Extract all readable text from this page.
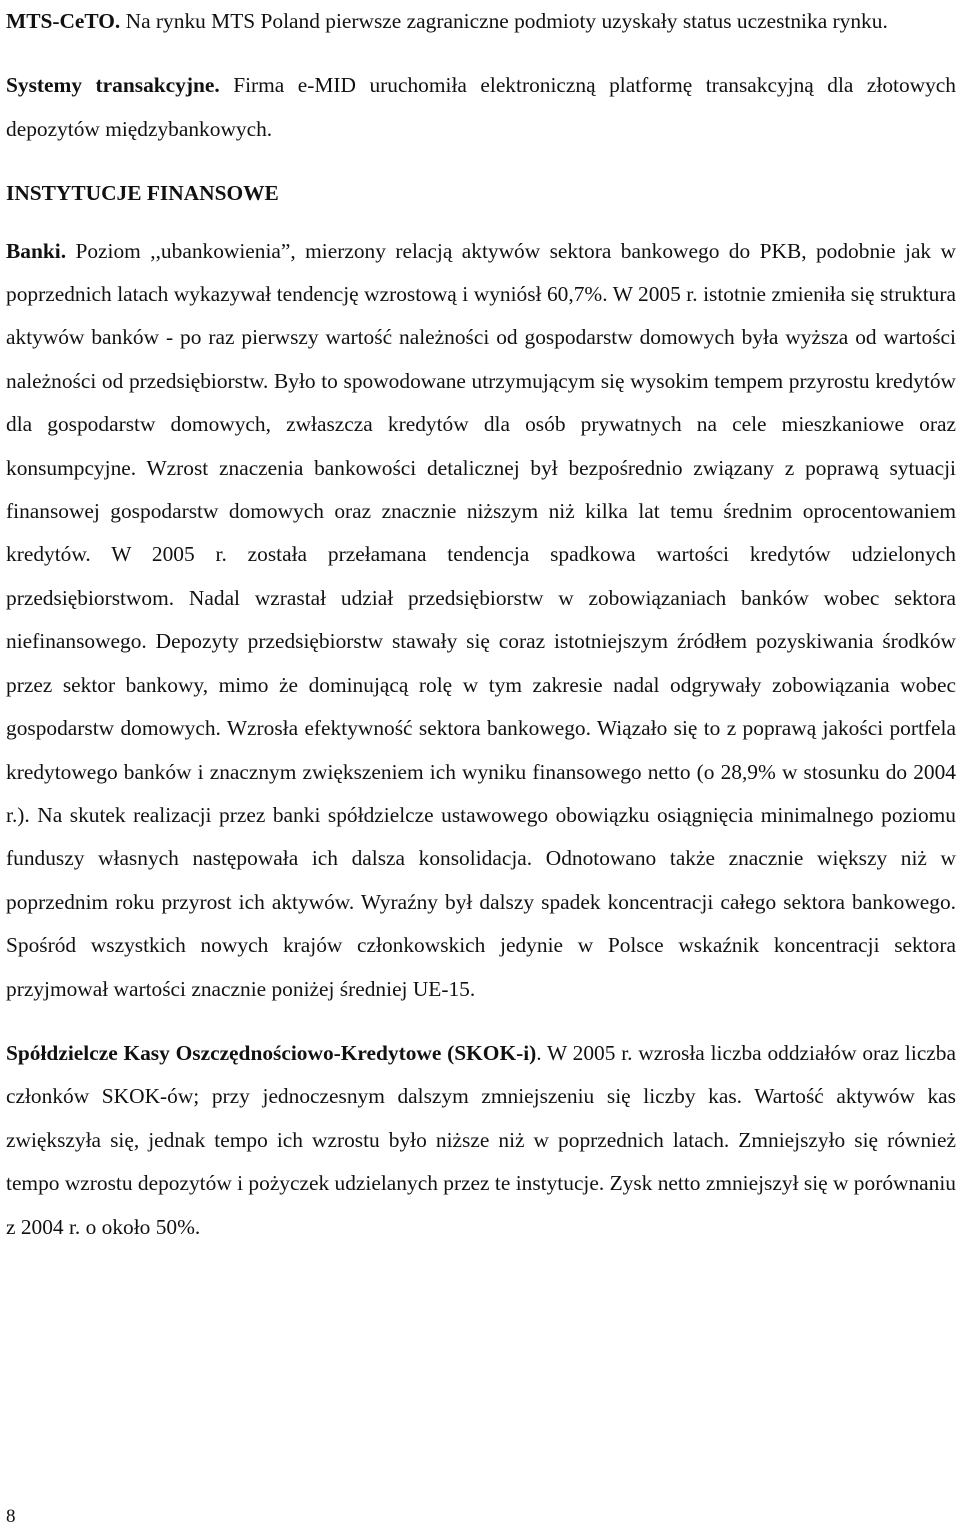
MTS-CeTO. Na rynku MTS Poland pierwsze zagraniczne podmioty uzyskały status uczestnika rynku.

Systemy transakcyjne. Firma e-MID uruchomiła elektroniczną platformę transakcyjną dla złotowych depozytów międzybankowych.

INSTYTUCJE FINANSOWE

Banki. Poziom ,,ubankowienia”, mierzony relacją aktywów sektora bankowego do PKB, podobnie jak w poprzednich latach wykazywał tendencję wzrostową i wyniósł 60,7%. W 2005 r. istotnie zmieniła się struktura aktywów banków - po raz pierwszy wartość należności od gospodarstw domowych była wyższa od wartości należności od przedsiębiorstw. Było to spowodowane utrzymującym się wysokim tempem przyrostu kredytów dla gospodarstw domowych, zwłaszcza kredytów dla osób prywatnych na cele mieszkaniowe oraz konsumpcyjne. Wzrost znaczenia bankowości detalicznej był bezpośrednio związany z poprawą sytuacji finansowej gospodarstw domowych oraz znacznie niższym niż kilka lat temu średnim oprocentowaniem kredytów. W 2005 r. została przełamana tendencja spadkowa wartości kredytów udzielonych przedsiębiorstwom. Nadal wzrastał udział przedsiębiorstw w zobowiązaniach banków wobec sektora niefinansowego. Depozyty przedsiębiorstw stawały się coraz istotniejszym źródłem pozyskiwania środków przez sektor bankowy, mimo że dominującą rolę w tym zakresie nadal odgrywały zobowiązania wobec gospodarstw domowych. Wzrosła efektywność sektora bankowego. Wiązało się to z poprawą jakości portfela kredytowego banków i znacznym zwiększeniem ich wyniku finansowego netto (o 28,9% w stosunku do 2004 r.). Na skutek realizacji przez banki spółdzielcze ustawowego obowiązku osiągnięcia minimalnego poziomu funduszy własnych następowała ich dalsza konsolidacja. Odnotowano także znacznie większy niż w poprzednim roku przyrost ich aktywów. Wyraźny był dalszy spadek koncentracji całego sektora bankowego. Spośród wszystkich nowych krajów członkowskich jedynie w Polsce wskaźnik koncentracji sektora przyjmował wartości znacznie poniżej średniej UE-15.

Spółdzielcze Kasy Oszczędnościowo-Kredytowe (SKOK-i). W 2005 r. wzrosła liczba oddziałów oraz liczba członków SKOK-ów; przy jednoczesnym dalszym zmniejszeniu się liczby kas. Wartość aktywów kas zwiększyła się, jednak tempo ich wzrostu było niższe niż w poprzednich latach. Zmniejszyło się również tempo wzrostu depozytów i pożyczek udzielanych przez te instytucje. Zysk netto zmniejszył się w porównaniu z 2004 r. o około 50%.

8
